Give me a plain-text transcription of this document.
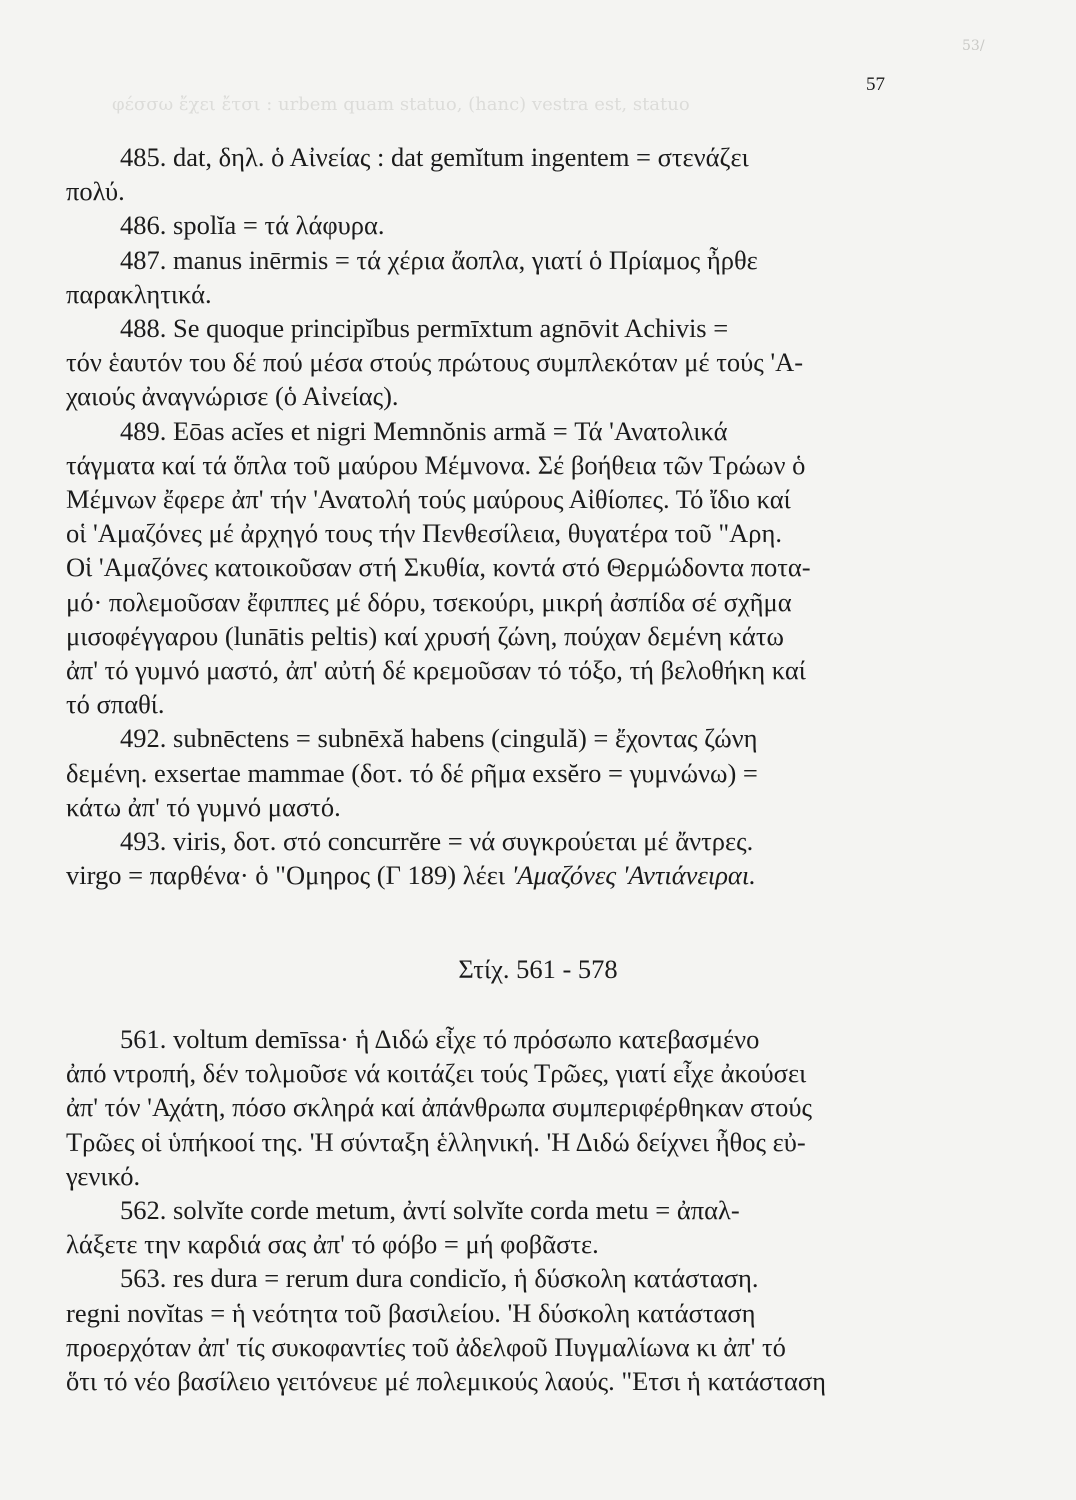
53/
φέσσω ἔχει ἔτσι : urbem quam statuo, (hanc) vestra est, statuo
57
485. dat, δηλ. ὁ Αἰνείας : dat gemĭtum ingentem = στενάζει
πολύ.
486. spolĭa = τά λάφυρα.
487. manus inērmis = τά χέρια ἄοπλα, γιατί ὁ Πρίαμος ἦρθε
παρακλητικά.
488. Se quoque principĭbus permīxtum agnōvit Achivis =
τόν ἑαυτόν του δέ πού μέσα στούς πρώτους συμπλεκόταν μέ τούς 'Α-
χαιούς ἀναγνώρισε (ὁ Αἰνείας).
489. Eōas acĭes et nigri Memnŏnis armă = Τά 'Ανατολικά
τάγματα καί τά ὅπλα τοῦ μαύρου Μέμνονα. Σέ βοήθεια τῶν Τρώων ὁ
Μέμνων ἔφερε ἀπ' τήν 'Ανατολή τούς μαύρους Αἰθίοπες. Τό ἴδιο καί
οἱ 'Αμαζόνες μέ ἀρχηγό τους τήν Πενθεσίλεια, θυγατέρα τοῦ "Αρη.
Οἱ 'Αμαζόνες κατοικοῦσαν στή Σκυθία, κοντά στό Θερμώδοντα ποτα-
μό· πολεμοῦσαν ἔφιππες μέ δόρυ, τσεκούρι, μικρή ἀσπίδα σέ σχῆμα
μισοφέγγαρου (lunātis peltis) καί χρυσή ζώνη, πούχαν δεμένη κάτω
ἀπ' τό γυμνό μαστό, ἀπ' αὐτή δέ κρεμοῦσαν τό τόξο, τή βελοθήκη καί
τό σπαθί.
492. subnēctens = subnēxă habens (cingulă) = ἔχοντας ζώνη
δεμένη. exsertae mammae (δοτ. τό δέ ρῆμα exsĕro = γυμνώνω) =
κάτω ἀπ' τό γυμνό μαστό.
493. viris, δοτ. στό concurrĕre = νά συγκρούεται μέ ἄντρες.
virgo = παρθένα· ὁ "Ομηρος (Γ 189) λέει 'Αμαζόνες 'Αντιάνειραι.
Στίχ. 561 - 578
561. voltum demīssa· ἡ Διδώ εἶχε τό πρόσωπο κατεβασμένο
ἀπό ντροπή, δέν τολμοῦσε νά κοιτάζει τούς Τρῶες, γιατί εἶχε ἀκούσει
ἀπ' τόν 'Αχάτη, πόσο σκληρά καί ἀπάνθρωπα συμπεριφέρθηκαν στούς
Τρῶες οἱ ὑπήκοοί της. 'Η σύνταξη ἑλληνική. 'Η Διδώ δείχνει ἦθος εὐ-
γενικό.
562. solvĭte corde metum, ἀντί solvĭte corda metu = ἀπαλ-
λάξετε την καρδιά σας ἀπ' τό φόβο = μή φοβᾶστε.
563. res dura = rerum dura condicĭo, ἡ δύσκολη κατάσταση.
regni novĭtas = ἡ νεότητα τοῦ βασιλείου. 'Η δύσκολη κατάσταση
προερχόταν ἀπ' τίς συκοφαντίες τοῦ ἀδελφοῦ Πυγμαλίωνα κι ἀπ' τό
ὅτι τό νέο βασίλειο γειτόνευε μέ πολεμικούς λαούς. "Ετσι ἡ κατάσταση
